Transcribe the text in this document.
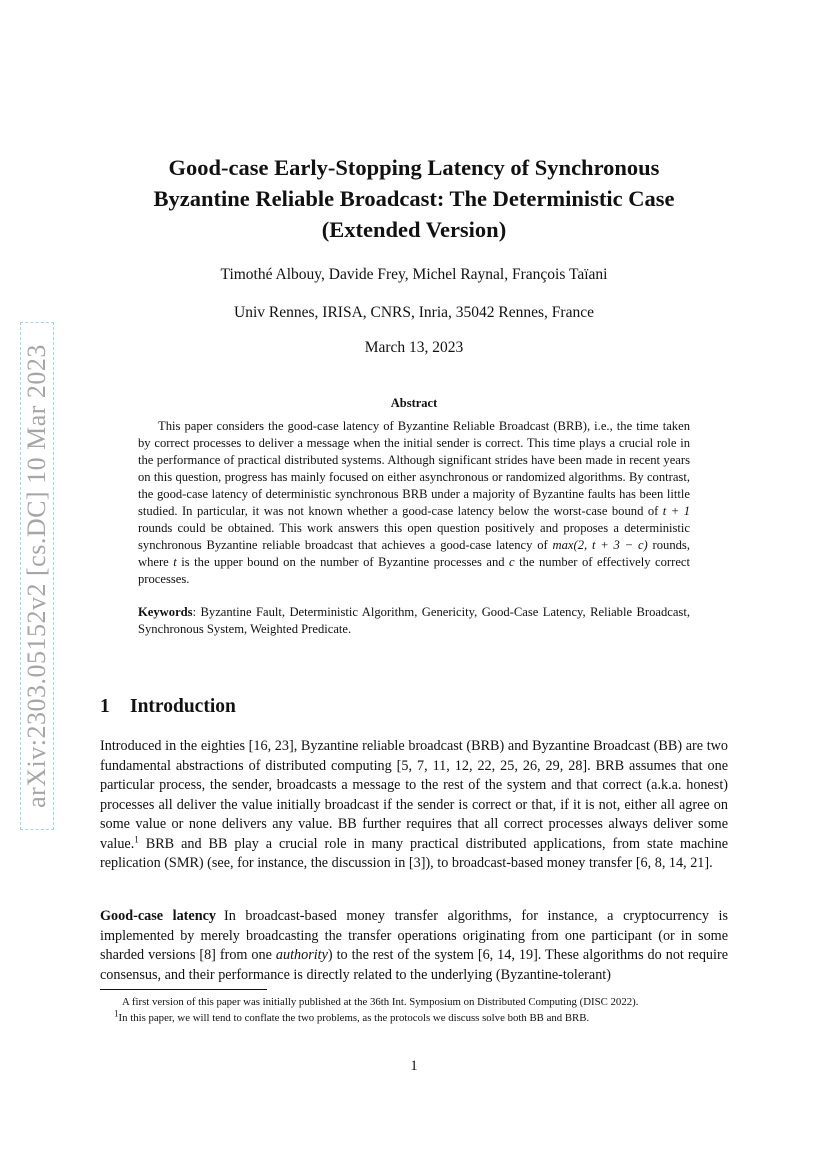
arXiv:2303.05152v2 [cs.DC] 10 Mar 2023
Good-case Early-Stopping Latency of Synchronous
Byzantine Reliable Broadcast: The Deterministic Case
(Extended Version)
Timothé Albouy, Davide Frey, Michel Raynal, François Taïani
Univ Rennes, IRISA, CNRS, Inria, 35042 Rennes, France
March 13, 2023
Abstract

This paper considers the good-case latency of Byzantine Reliable Broadcast (BRB), i.e., the time taken by correct processes to deliver a message when the initial sender is correct. This time plays a crucial role in the performance of practical distributed systems. Although significant strides have been made in recent years on this question, progress has mainly focused on either asynchronous or randomized algorithms. By contrast, the good-case latency of deterministic synchronous BRB under a majority of Byzantine faults has been little studied. In particular, it was not known whether a good-case latency below the worst-case bound of t + 1 rounds could be obtained. This work answers this open question positively and proposes a deterministic synchronous Byzantine reliable broadcast that achieves a good-case latency of max(2, t + 3 − c) rounds, where t is the upper bound on the number of Byzantine processes and c the number of effectively correct processes.

Keywords: Byzantine Fault, Deterministic Algorithm, Genericity, Good-Case Latency, Reliable Broadcast, Synchronous System, Weighted Predicate.

1 Introduction

Introduced in the eighties [16, 23], Byzantine reliable broadcast (BRB) and Byzantine Broadcast (BB) are two fundamental abstractions of distributed computing [5, 7, 11, 12, 22, 25, 26, 29, 28]. BRB assumes that one particular process, the sender, broadcasts a message to the rest of the system and that correct (a.k.a. honest) processes all deliver the value initially broadcast if the sender is correct or that, if it is not, either all agree on some value or none delivers any value. BB further requires that all correct processes always deliver some value.$^1$ BRB and BB play a crucial role in many practical distributed applications, from state machine replication (SMR) (see, for instance, the discussion in [3]), to broadcast-based money transfer [6, 8, 14, 21].

Good-case latency In broadcast-based money transfer algorithms, for instance, a cryptocurrency is implemented by merely broadcasting the transfer operations originating from one participant (or in some sharded versions [8] from one authority) to the rest of the system [6, 14, 19]. These algorithms do not require consensus, and their performance is directly related to the underlying (Byzantine-tolerant)

A first version of this paper was initially published at the 36th Int. Symposium on Distributed Computing (DISC 2022).
$^1$In this paper, we will tend to conflate the two problems, as the protocols we discuss solve both BB and BRB.
1
